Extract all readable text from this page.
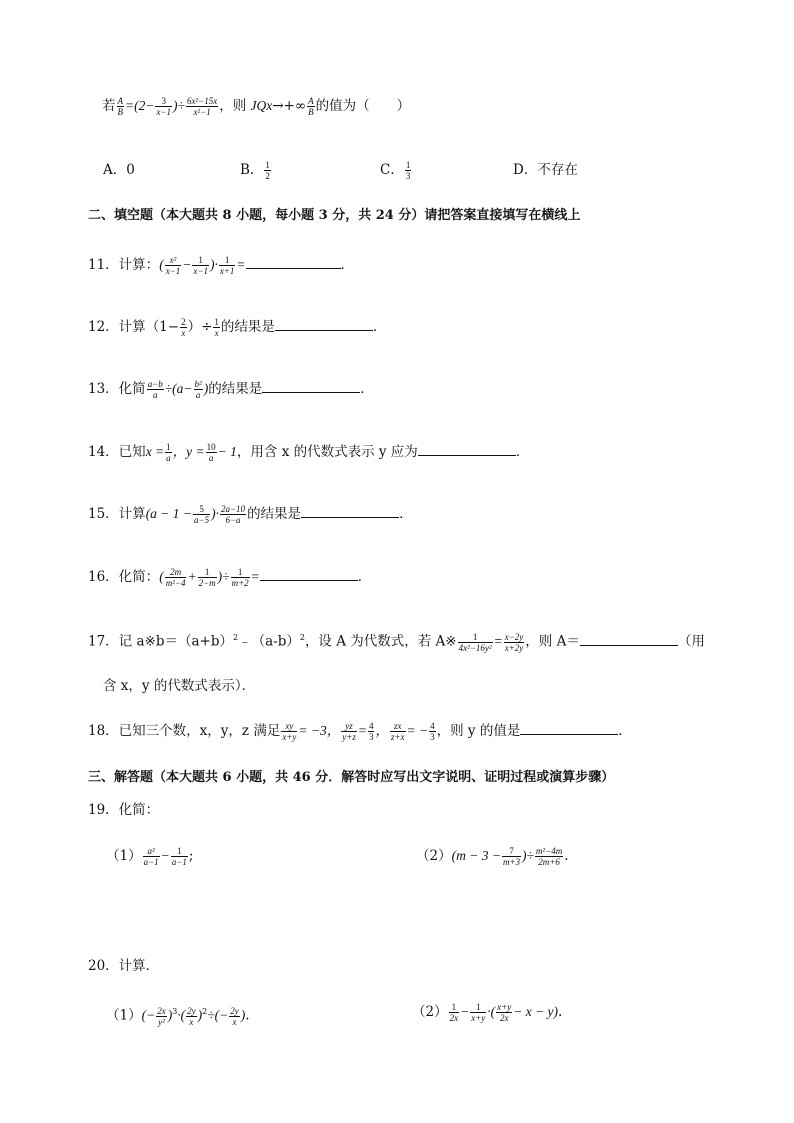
若 $\frac{A}{B} =(2- \frac{3}{x-1}$ )÷ $\frac{\text{6x²−15x}}{\text{x²−1}}$ ，则 $JQx\to+\infty \frac{A}{B}$ 的值为（　　）
A．0	B． $\frac{1}{2}$	C． $\frac{1}{3}$	D．不存在
二、填空题（本大题共 8 小题，每小题 3 分，共 24 分）请把答案直接填写在横线上
11．计算：( $\frac{\text{x²}}{x-1} - \frac{1}{x-1}$ )· $\frac{1}{x+1}$ =	．
12．计算（$1- \frac{2}{x}$ ）÷ $\frac{1}{x}$ 的结果是	．
13．化简 $\frac{a-b}{a} \div(a- \frac{\text{b²}}{a}$ )的结果是	．
14．已知$x = \frac{1}{a}$ ，$y = \frac{10}{a} - 1$，用含 x 的代数式表示 y 应为	．
15．计算($a - 1 - \frac{5}{a-5}$ )· $\frac{2a-10}{6-a}$ 的结果是	．
16．化简：( $\frac{2m}{\text{m²−4}} + \frac{1}{2-m}$ )÷ $\frac{1}{m+2}$ =	．
17．记 $a※b=(a+b)^2﹣(a-b)^2$，设 A 为代数式，若 A※ $\frac{1}{\text{4x²−16y²}} = \frac{x-2y}{x+2y}$ ，则 A＝	（用
含 x，y 的代数式表示）．
18．已知三个数，x，y，z 满足 $\frac{xy}{x+y} = -3$， $\frac{yz}{y+z} = \frac{4}{3}$ ， $\frac{zx}{z+x}$ = − $\frac{4}{3}$ ，则 y 的值是	．
三、解答题（本大题共 6 小题，共 46 分．解答时应写出文字说明、证明过程或演算步骤）
19．化简：
$(1) \frac{\text{a²}}{a-1} - \frac{1}{a-1}$ ;	$(2)(m - 3 - \frac{7}{m+3}$ )÷ $\frac{\text{m²−4m}}{2m+6}$ .
20．计算．
$(1)(- \frac{2x}{\text{y²}} )^3\cdot( \frac{2y}{x} )^2\div(- \frac{2y}{x}$ ).	$(2) \frac{1}{2x} - \frac{1}{x+y}$ ·( $\frac{x+y}{2x} - x - y$).
